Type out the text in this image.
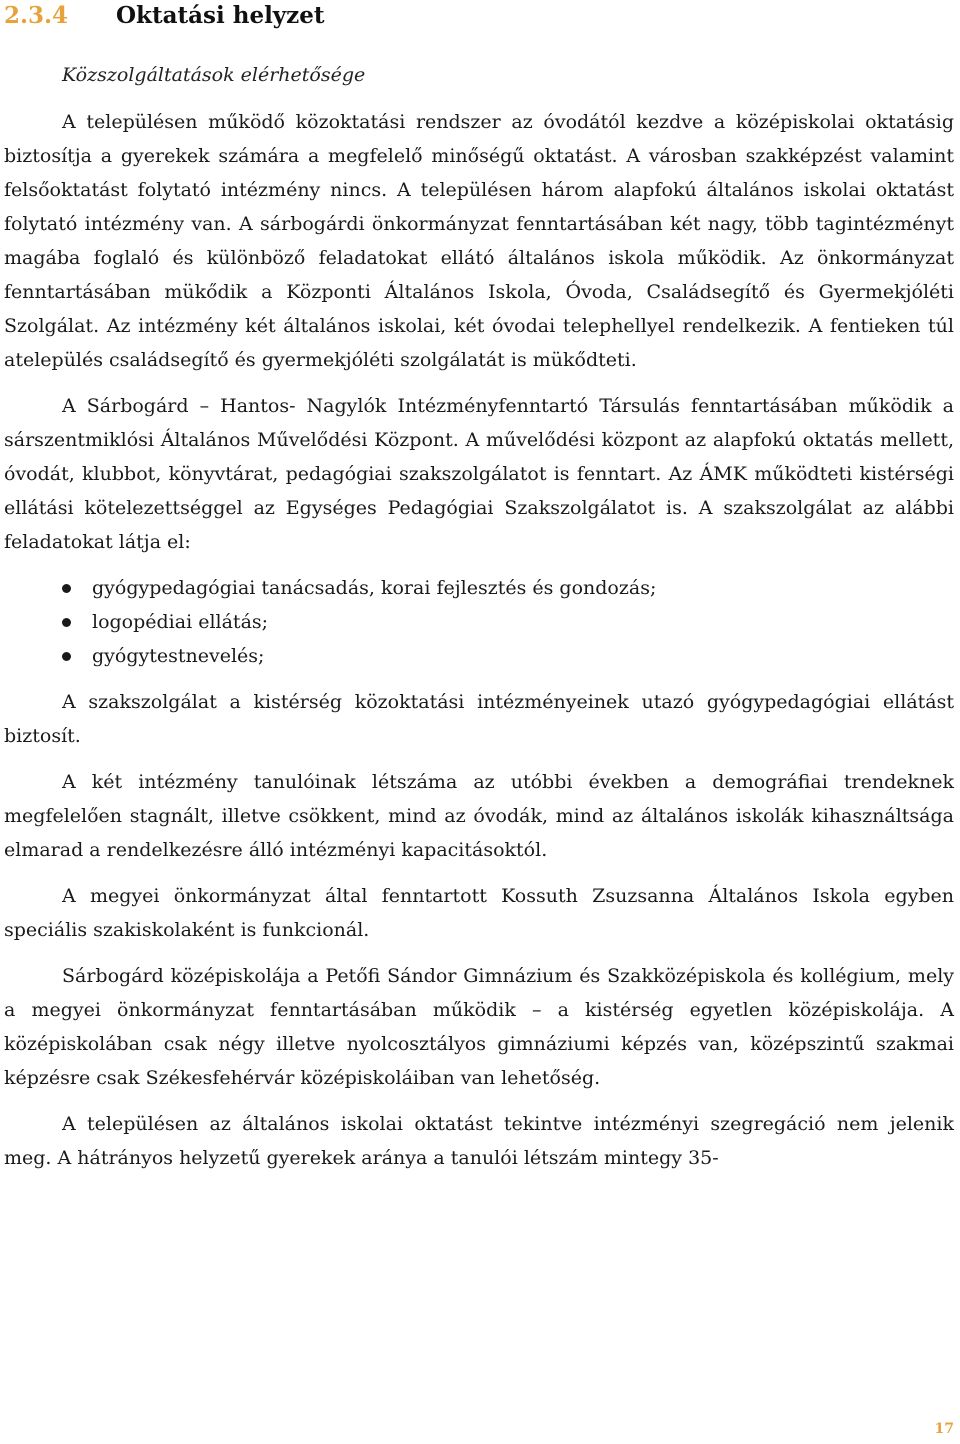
2.3.4 Oktatási helyzet
Közszolgáltatások elérhetősége

A településen működő közoktatási rendszer az óvodától kezdve a középiskolai oktatásig biztosítja a gyerekek számára a megfelelő minőségű oktatást. A városban szakképzést valamint felsőoktatást folytató intézmény nincs. A településen három alapfokú általános iskolai oktatást folytató intézmény van. A sárbogárdi önkormányzat fenntartásában két nagy, több tagintézményt magába foglaló és különböző feladatokat ellátó általános iskola működik. Az önkormányzat fenntartásában mükődik a Központi Általános Iskola, Óvoda, Családsegítő és Gyermekjóléti Szolgálat. Az intézmény két általános iskolai, két óvodai telephellyel rendelkezik. A fentieken túl atelepülés családsegítő és gyermekjóléti szolgálatát is mükődteti.

A Sárbogárd – Hantos- Nagylók Intézményfenntartó Társulás fenntartásában működik a sárszentmiklósi Általános Művelődési Központ. A művelődési központ az alapfokú oktatás mellett, óvodát, klubbot, könyvtárat, pedagógiai szakszolgálatot is fenntart. Az ÁMK működteti kistérségi ellátási kötelezettséggel az Egységes Pedagógiai Szakszolgálatot is. A szakszolgálat az alábbi feladatokat látja el:

gyógypedagógiai tanácsadás, korai fejlesztés és gondozás;
logopédiai ellátás;
gyógytestnevelés;

A szakszolgálat a kistérség közoktatási intézményeinek utazó gyógypedagógiai ellátást biztosít.

A két intézmény tanulóinak létszáma az utóbbi években a demográfiai trendeknek megfelelően stagnált, illetve csökkent, mind az óvodák, mind az általános iskolák kihasználtsága elmarad a rendelkezésre álló intézményi kapacitásoktól.

A megyei önkormányzat által fenntartott Kossuth Zsuzsanna Általános Iskola egyben speciális szakiskolaként is funkcionál.

Sárbogárd középiskolája a Petőfi Sándor Gimnázium és Szakközépiskola és kollégium, mely a megyei önkormányzat fenntartásában működik – a kistérség egyetlen középiskolája. A középiskolában csak négy illetve nyolcosztályos gimnáziumi képzés van, középszintű szakmai képzésre csak Székesfehérvár középiskoláiban van lehetőség.

A településen az általános iskolai oktatást tekintve intézményi szegregáció nem jelenik meg. A hátrányos helyzetű gyerekek aránya a tanulói létszám mintegy 35-

17
